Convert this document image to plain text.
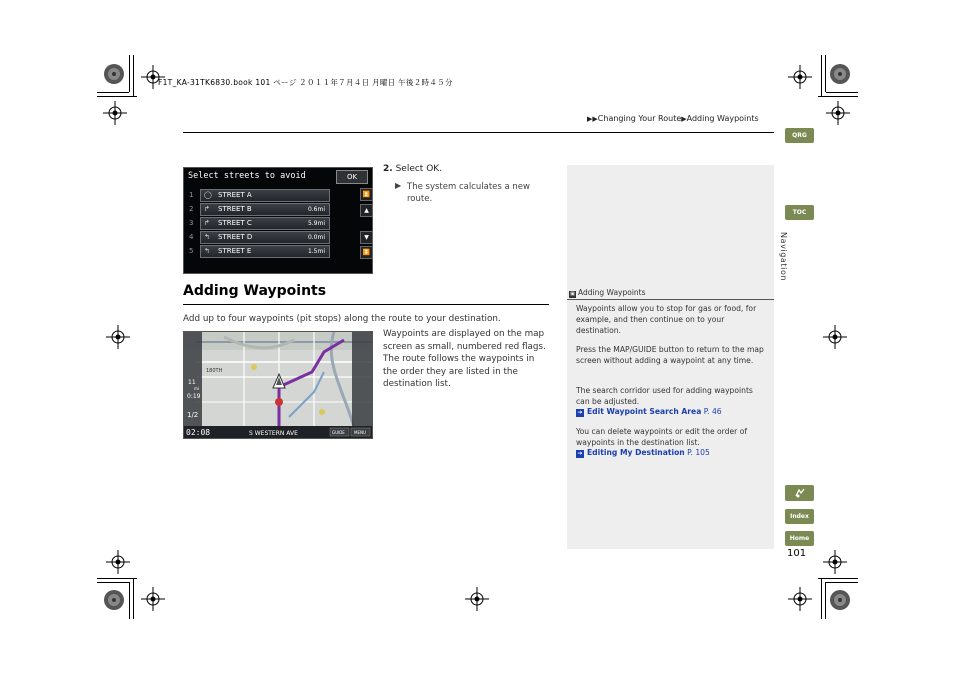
F1T_KA-31TK6830.book 101 ページ ２０１１年７月４日 月曜日 午後２時４５分
▶▶Changing Your Route▶Adding Waypoints
QRG
TOC
Navigation
Index
Home
101
Select streets to avoid	OK
1 ◯ STREET A
2 ↱ STREET B	0.6mi
3 ↱ STREET C	5.9mi
4 ↰ STREET D	0.0mi
5 ↰ STREET E	1.5mi
⏫
▲
▼
⏬
2. Select OK.
▶ The system calculates a new route.
Adding Waypoints
Add up to four waypoints (pit stops) along the route to your destination.
02:08	S WESTERN AVE
180TH
11
mi
0:19
1/2
GUIDE MENU
Waypoints are displayed on the map screen as small, numbered red flags. The route follows the waypoints in the order they are listed in the destination list.
▣ Adding Waypoints
Waypoints allow you to stop for gas or food, for example, and then continue on to your destination.
Press the MAP/GUIDE button to return to the map screen without adding a waypoint at any time.
The search corridor used for adding waypoints can be adjusted.
➔ Edit Waypoint Search Area P. 46
You can delete waypoints or edit the order of waypoints in the destination list.
➔ Editing My Destination P. 105
